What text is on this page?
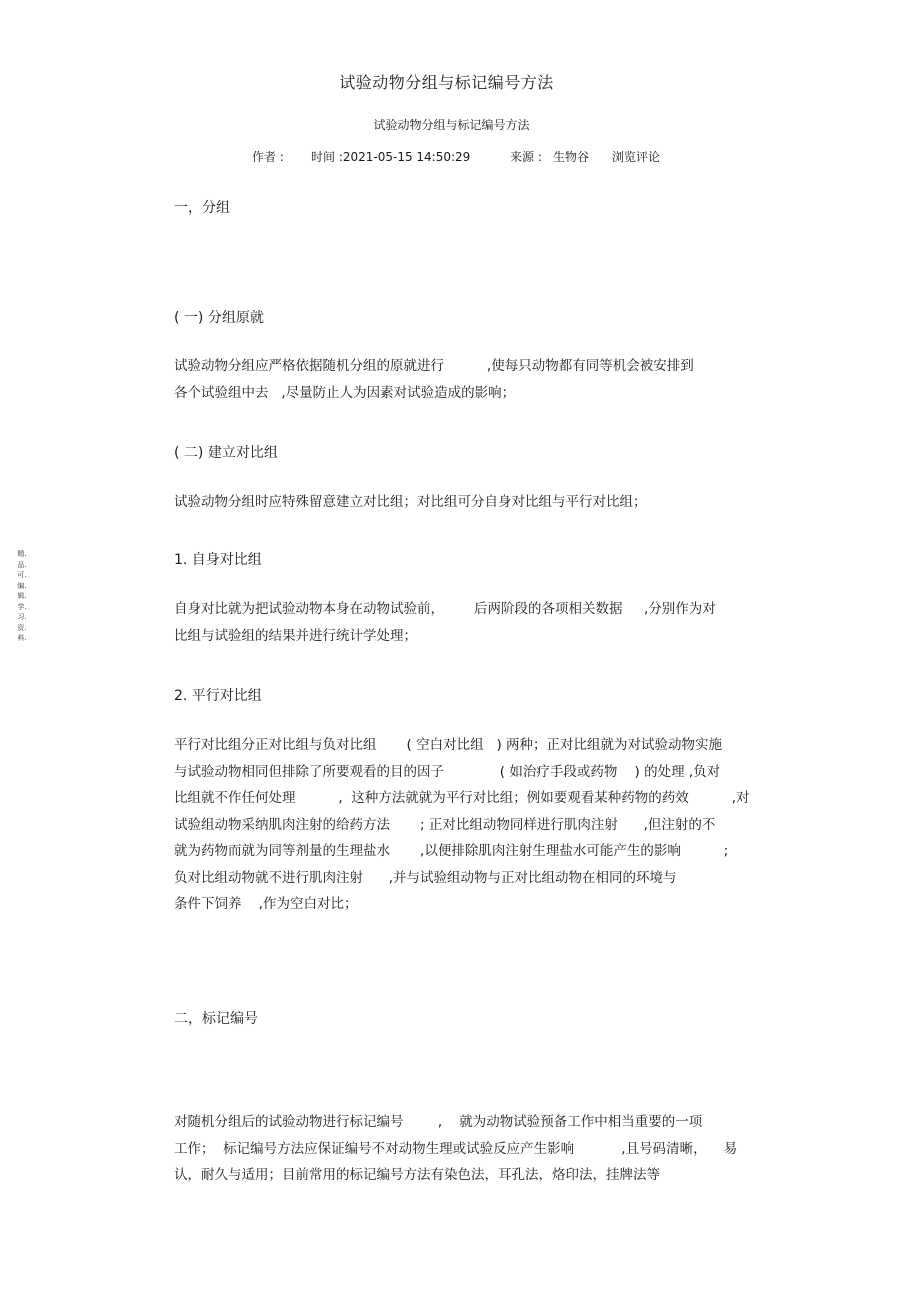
试验动物分组与标记编号方法
试验动物分组与标记编号方法
作者 : 时间 :2021-05-15 14:50:29	来源 : 生物谷 浏览评论
精.品.可.编.辑.学.习.资.料.
一，分组
( 一) 分组原就
试验动物分组应严格依据随机分组的原就进行          ,使每只动物都有同等机会被安排到
各个试验组中去   ,尽量防止人为因素对试验造成的影响；
( 二) 建立对比组
试验动物分组时应特殊留意建立对比组；对比组可分自身对比组与平行对比组；
1. 自身对比组
自身对比就为把试验动物本身在动物试验前，       后两阶段的各项相关数据     ,分别作为对
比组与试验组的结果并进行统计学处理；
2. 平行对比组
平行对比组分正对比组与负对比组       ( 空白对比组   ) 两种；正对比组就为对试验动物实施
与试验动物相同但排除了所要观看的目的因子             ( 如治疗手段或药物    ) 的处理 ,负对
比组就不作任何处理          ,  这种方法就就为平行对比组；例如要观看某种药物的药效          ,对
试验组动物采纳肌肉注射的给药方法       ; 正对比组动物同样进行肌肉注射      ,但注射的不
就为药物而就为同等剂量的生理盐水       ,以便排除肌肉注射生理盐水可能产生的影响          ;
负对比组动物就不进行肌肉注射      ,并与试验组动物与正对比组动物在相同的环境与
条件下饲养    ,作为空白对比；
二，标记编号
对随机分组后的试验动物进行标记编号        ,    就为动物试验预备工作中相当重要的一项
工作；  标记编号方法应保证编号不对动物生理或试验反应产生影响           ,且号码清晰，    易
认，耐久与适用；目前常用的标记编号方法有染色法，耳孔法，烙印法，挂牌法等
